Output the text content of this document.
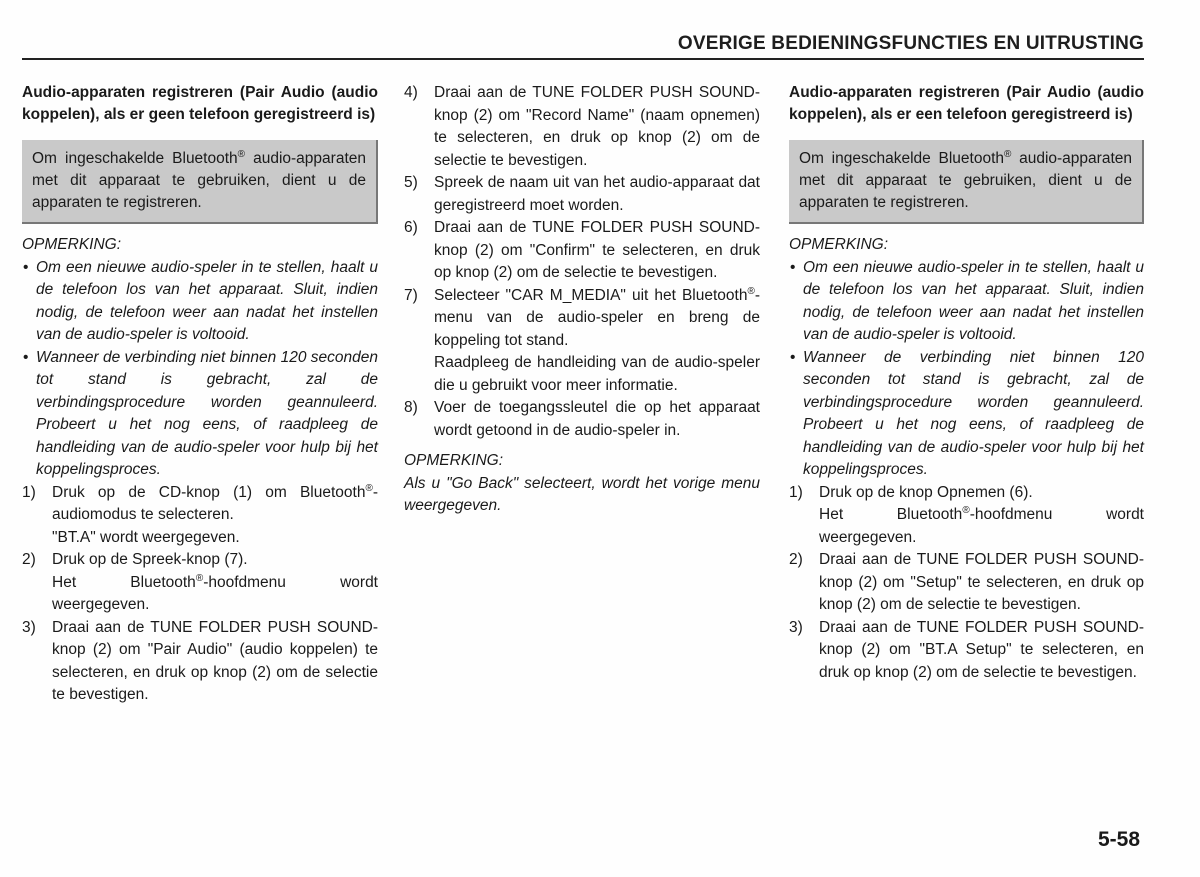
OVERIGE BEDIENINGSFUNCTIES EN UITRUSTING
Audio-apparaten registreren (Pair Audio (audio koppelen), als er geen telefoon geregistreerd is)
Om ingeschakelde Bluetooth® audio-apparaten met dit apparaat te gebruiken, dient u de apparaten te registreren.

OPMERKING:

• Om een nieuwe audio-speler in te stellen, haalt u de telefoon los van het apparaat. Sluit, indien nodig, de telefoon weer aan nadat het instellen van de audio-speler is voltooid.
• Wanneer de verbinding niet binnen 120 seconden tot stand is gebracht, zal de verbindingsprocedure worden geannuleerd. Probeert u het nog eens, of raadpleeg de handleiding van de audio-speler voor hulp bij het koppelingsproces.
1) Druk op de CD-knop (1) om Bluetooth®-audiomodus te selecteren.
"BT.A" wordt weergegeven.
2) Druk op de Spreek-knop (7).
Het Bluetooth®-hoofdmenu wordt weergegeven.
3) Draai aan de TUNE FOLDER PUSH SOUND-knop (2) om "Pair Audio" (audio koppelen) te selecteren, en druk op knop (2) om de selectie te bevestigen.
4) Draai aan de TUNE FOLDER PUSH SOUND-knop (2) om "Record Name" (naam opnemen) te selecteren, en druk op knop (2) om de selectie te bevestigen.
5) Spreek de naam uit van het audio-apparaat dat geregistreerd moet worden.
6) Draai aan de TUNE FOLDER PUSH SOUND-knop (2) om "Confirm" te selecteren, en druk op knop (2) om de selectie te bevestigen.
7) Selecteer "CAR M_MEDIA" uit het Bluetooth®-menu van de audio-speler en breng de koppeling tot stand.
Raadpleeg de handleiding van de audio-speler die u gebruikt voor meer informatie.
8) Voer de toegangssleutel die op het apparaat wordt getoond in de audio-speler in.

OPMERKING:

Als u "Go Back" selecteert, wordt het vorige menu weergegeven.

Audio-apparaten registreren (Pair Audio (audio koppelen), als er een telefoon geregistreerd is)
Om ingeschakelde Bluetooth® audio-apparaten met dit apparaat te gebruiken, dient u de apparaten te registreren.

OPMERKING:

• Om een nieuwe audio-speler in te stellen, haalt u de telefoon los van het apparaat. Sluit, indien nodig, de telefoon weer aan nadat het instellen van de audio-speler is voltooid.
• Wanneer de verbinding niet binnen 120 seconden tot stand is gebracht, zal de verbindingsprocedure worden geannuleerd. Probeert u het nog eens, of raadpleeg de handleiding van de audio-speler voor hulp bij het koppelingsproces.
1) Druk op de knop Opnemen (6).
Het Bluetooth®-hoofdmenu wordt weergegeven.
2) Draai aan de TUNE FOLDER PUSH SOUND-knop (2) om "Setup" te selecteren, en druk op knop (2) om de selectie te bevestigen.
3) Draai aan de TUNE FOLDER PUSH SOUND-knop (2) om "BT.A Setup" te selecteren, en druk op knop (2) om de selectie te bevestigen.
5-58
